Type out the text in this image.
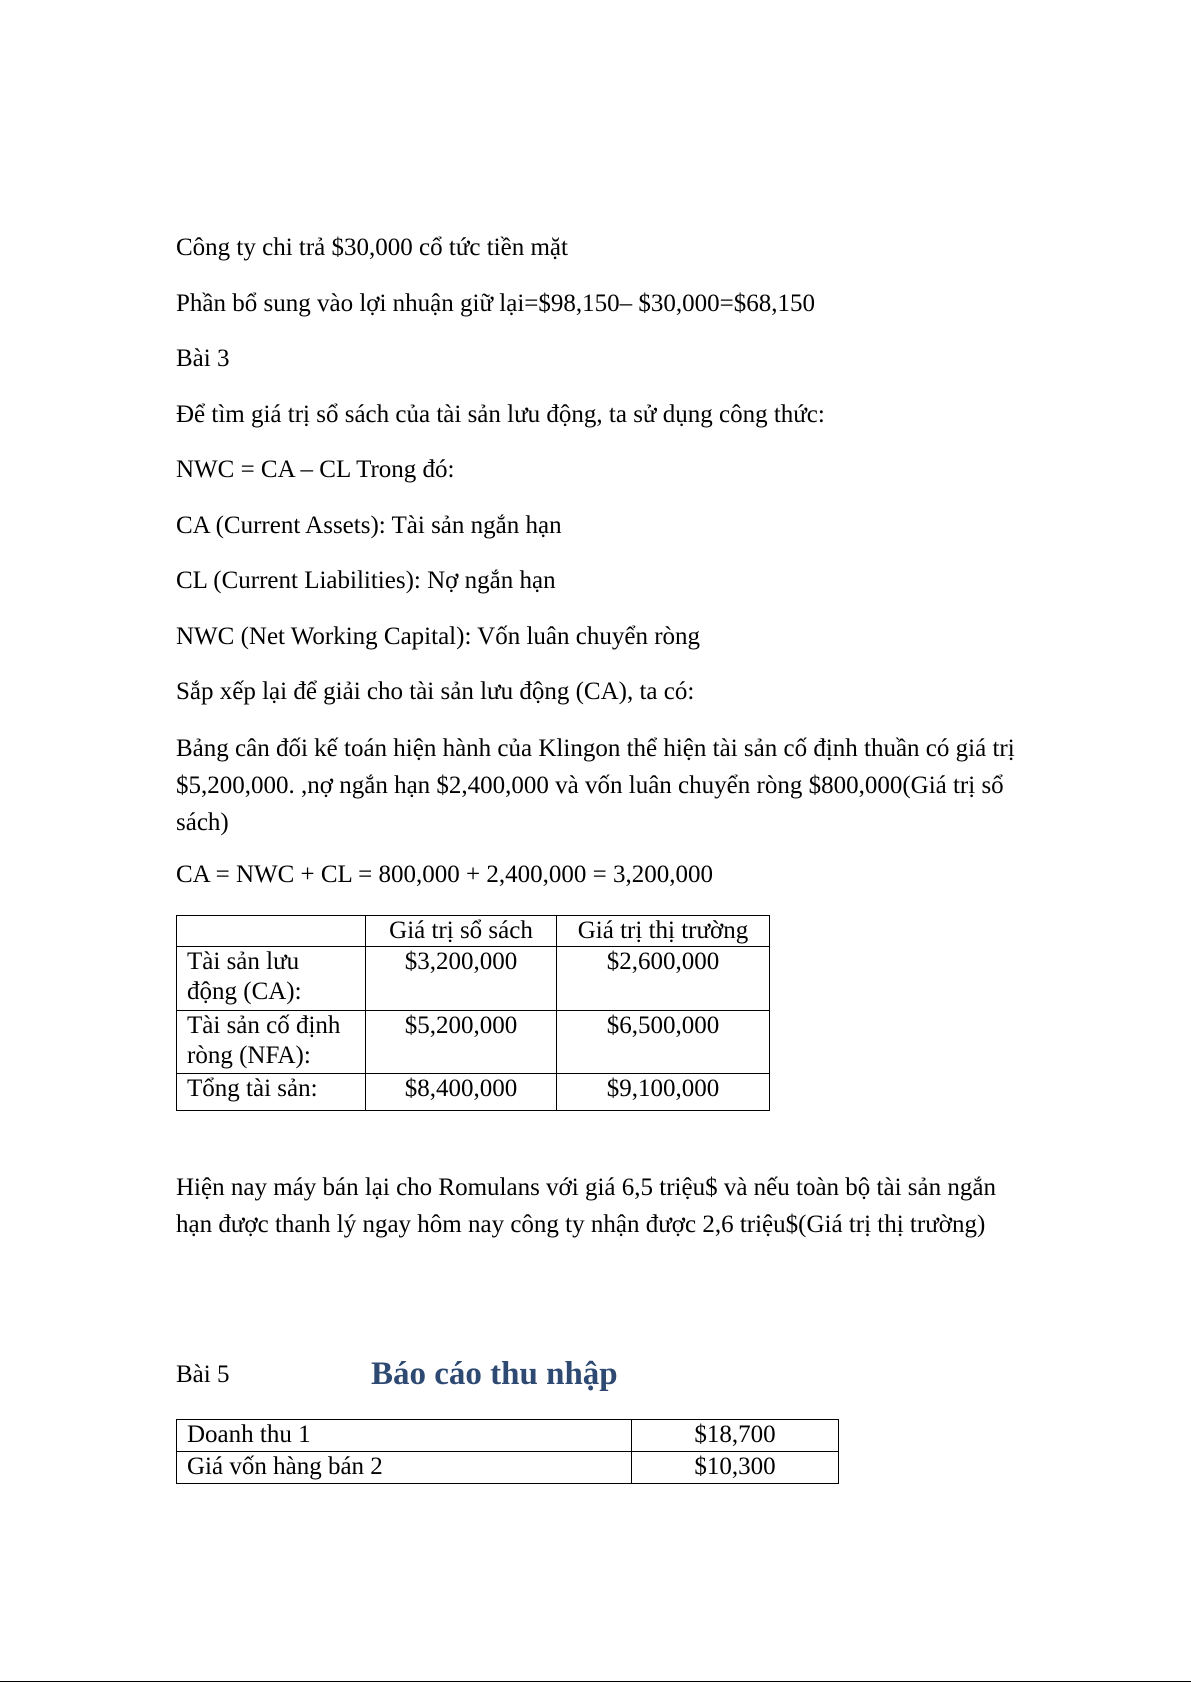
Công ty chi trả $30,000 cổ tức tiền mặt
Phần bổ sung vào lợi nhuận giữ lại=$98,150– $30,000=$68,150
Bài 3
Để tìm giá trị sổ sách của tài sản lưu động, ta sử dụng công thức:
NWC = CA – CL Trong đó:
CA (Current Assets): Tài sản ngắn hạn
CL (Current Liabilities): Nợ ngắn hạn
NWC (Net Working Capital): Vốn luân chuyển ròng
Sắp xếp lại để giải cho tài sản lưu động (CA), ta có:
Bảng cân đối kế toán hiện hành của Klingon thể hiện tài sản cố định thuần có giá trị $5,200,000. ,nợ ngắn hạn $2,400,000 và vốn luân chuyển ròng $800,000(Giá trị sổ sách)
CA = NWC + CL = 800,000 + 2,400,000 = 3,200,000
	Giá trị sổ sách	Giá trị thị trường
Tài sản lưu động (CA):	$3,200,000	$2,600,000
Tài sản cố định ròng (NFA):	$5,200,000	$6,500,000
Tổng tài sản:	$8,400,000	$9,100,000
Hiện nay máy bán lại cho Romulans với giá 6,5 triệu$ và nếu toàn bộ tài sản ngắn hạn được thanh lý ngay hôm nay công ty nhận được 2,6 triệu$(Giá trị thị trường)
Bài 5	Báo cáo thu nhập
Doanh thu 1	$18,700
Giá vốn hàng bán 2	$10,300
